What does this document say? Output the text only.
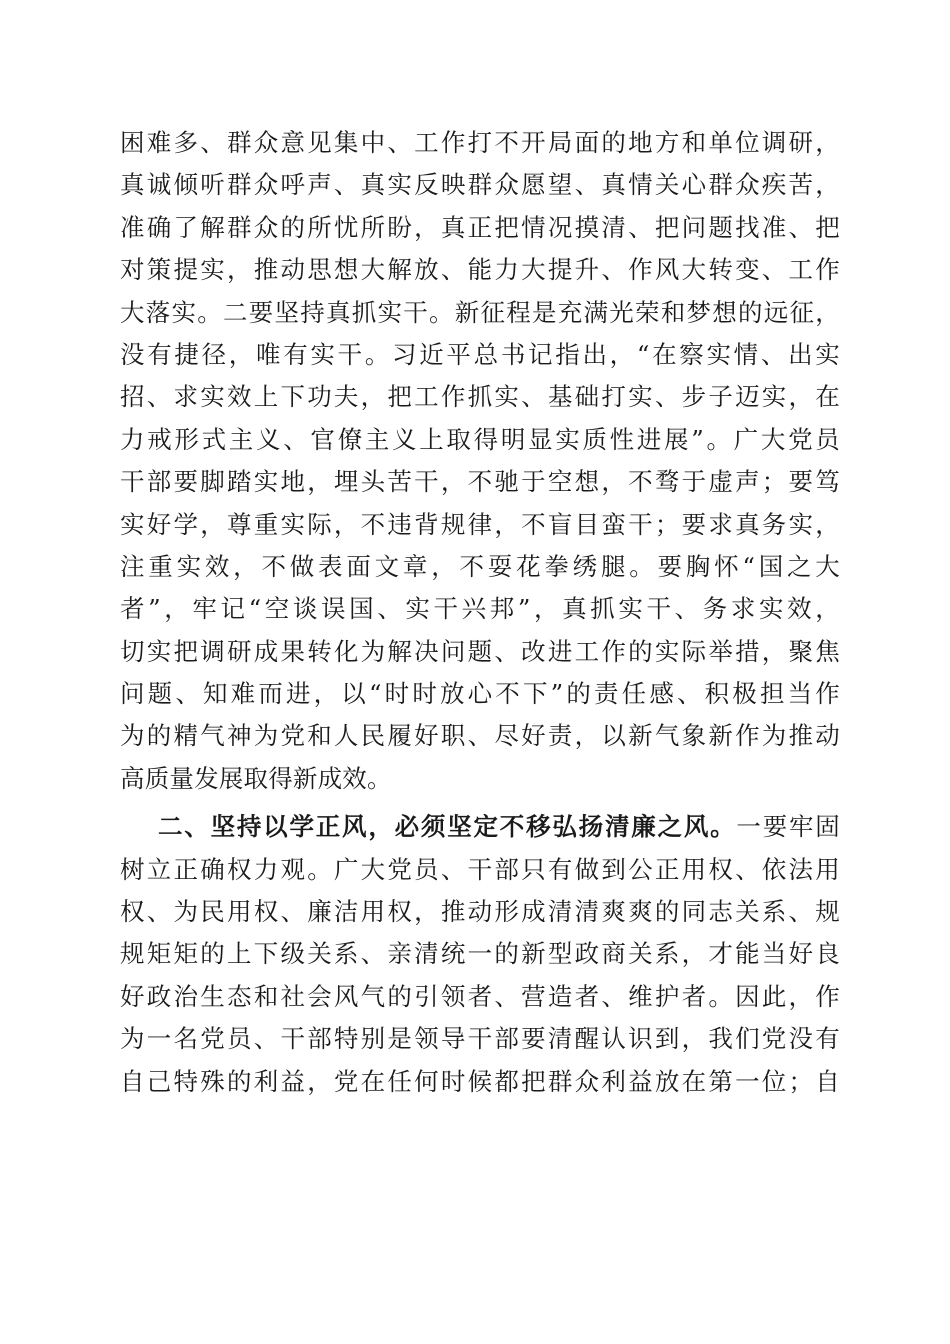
困难多、群众意见集中、工作打不开局面的地方和单位调研，
真诚倾听群众呼声、真实反映群众愿望、真情关心群众疾苦，
准确了解群众的所忧所盼，真正把情况摸清、把问题找准、把
对策提实，推动思想大解放、能力大提升、作风大转变、工作
大落实。二要坚持真抓实干。新征程是充满光荣和梦想的远征，
没有捷径，唯有实干。习近平总书记指出，“在察实情、出实
招、求实效上下功夫，把工作抓实、基础打实、步子迈实，在
力戒形式主义、官僚主义上取得明显实质性进展”。广大党员
干部要脚踏实地，埋头苦干，不驰于空想，不骛于虚声；要笃
实好学，尊重实际，不违背规律，不盲目蛮干；要求真务实，
注重实效，不做表面文章，不耍花拳绣腿。要胸怀“国之大
者”，牢记“空谈误国、实干兴邦”，真抓实干、务求实效，
切实把调研成果转化为解决问题、改进工作的实际举措，聚焦
问题、知难而进，以“时时放心不下”的责任感、积极担当作
为的精气神为党和人民履好职、尽好责，以新气象新作为推动
高质量发展取得新成效。
二、坚持以学正风，必须坚定不移弘扬清廉之风。一要牢固
树立正确权力观。广大党员、干部只有做到公正用权、依法用
权、为民用权、廉洁用权，推动形成清清爽爽的同志关系、规
规矩矩的上下级关系、亲清统一的新型政商关系，才能当好良
好政治生态和社会风气的引领者、营造者、维护者。因此，作
为一名党员、干部特别是领导干部要清醒认识到，我们党没有
自己特殊的利益，党在任何时候都把群众利益放在第一位；自
